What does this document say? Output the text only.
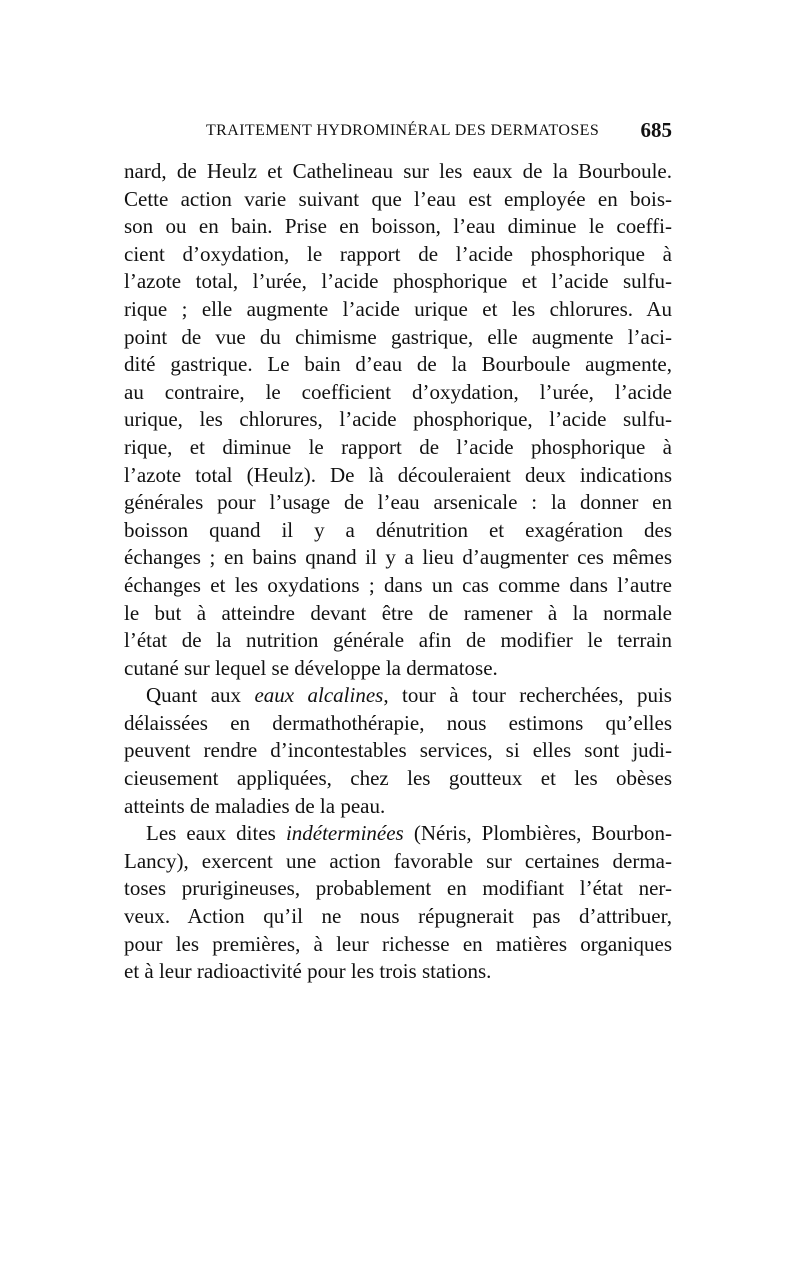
TRAITEMENT HYDROMINÉRAL DES DERMATOSES 685
nard, de Heulz et Cathelineau sur les eaux de la Bourboule.
Cette action varie suivant que l’eau est employée en bois-
son ou en bain. Prise en boisson, l’eau diminue le coeffi-
cient d’oxydation, le rapport de l’acide phosphorique à
l’azote total, l’urée, l’acide phosphorique et l’acide sulfu-
rique ; elle augmente l’acide urique et les chlorures. Au
point de vue du chimisme gastrique, elle augmente l’aci-
dité gastrique. Le bain d’eau de la Bourboule augmente,
au contraire, le coefficient d’oxydation, l’urée, l’acide
urique, les chlorures, l’acide phosphorique, l’acide sulfu-
rique, et diminue le rapport de l’acide phosphorique à
l’azote total (Heulz). De là découleraient deux indications
générales pour l’usage de l’eau arsenicale : la donner en
boisson quand il y a dénutrition et exagération des
échanges ; en bains qnand il y a lieu d’augmenter ces mêmes
échanges et les oxydations ; dans un cas comme dans l’autre
le but à atteindre devant être de ramener à la normale
l’état de la nutrition générale afin de modifier le terrain
cutané sur lequel se développe la dermatose.
Quant aux eaux alcalines, tour à tour recherchées, puis
délaissées en dermathothérapie, nous estimons qu’elles
peuvent rendre d’incontestables services, si elles sont judi-
cieusement appliquées, chez les goutteux et les obèses
atteints de maladies de la peau.
Les eaux dites indéterminées (Néris, Plombières, Bourbon-
Lancy), exercent une action favorable sur certaines derma-
toses prurigineuses, probablement en modifiant l’état ner-
veux. Action qu’il ne nous répugnerait pas d’attribuer,
pour les premières, à leur richesse en matières organiques
et à leur radioactivité pour les trois stations.
